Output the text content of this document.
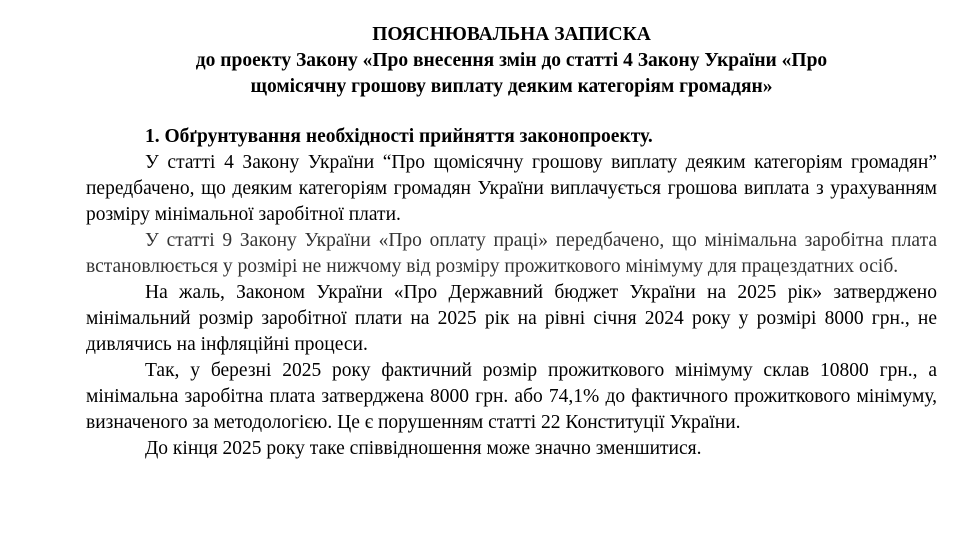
ПОЯСНЮВАЛЬНА ЗАПИСКА

до проекту Закону «Про внесення змін до статті 4 Закону України «Про

щомісячну грошову виплату деяким категоріям громадян»

1. Обґрунтування необхідності прийняття законопроекту.

У статті 4 Закону України “Про щомісячну грошову виплату деяким категоріям громадян” передбачено, що деяким категоріям громадян України виплачується грошова виплата з урахуванням розміру мінімальної заробітної плати.

У статті 9 Закону України «Про оплату праці» передбачено, що мінімальна заробітна плата встановлюється у розмірі не нижчому від розміру прожиткового мінімуму для працездатних осіб.

На жаль, Законом України «Про Державний бюджет України на 2025 рік» затверджено мінімальний розмір заробітної плати на 2025 рік на рівні січня 2024 року у розмірі 8000 грн., не дивлячись на інфляційні процеси.

Так, у березні 2025 року фактичний розмір прожиткового мінімуму склав 10800 грн., а мінімальна заробітна плата затверджена 8000 грн. або 74,1% до фактичного прожиткового мінімуму, визначеного за методологією. Це є порушенням статті 22 Конституції України.

До кінця 2025 року таке співвідношення може значно зменшитися.
